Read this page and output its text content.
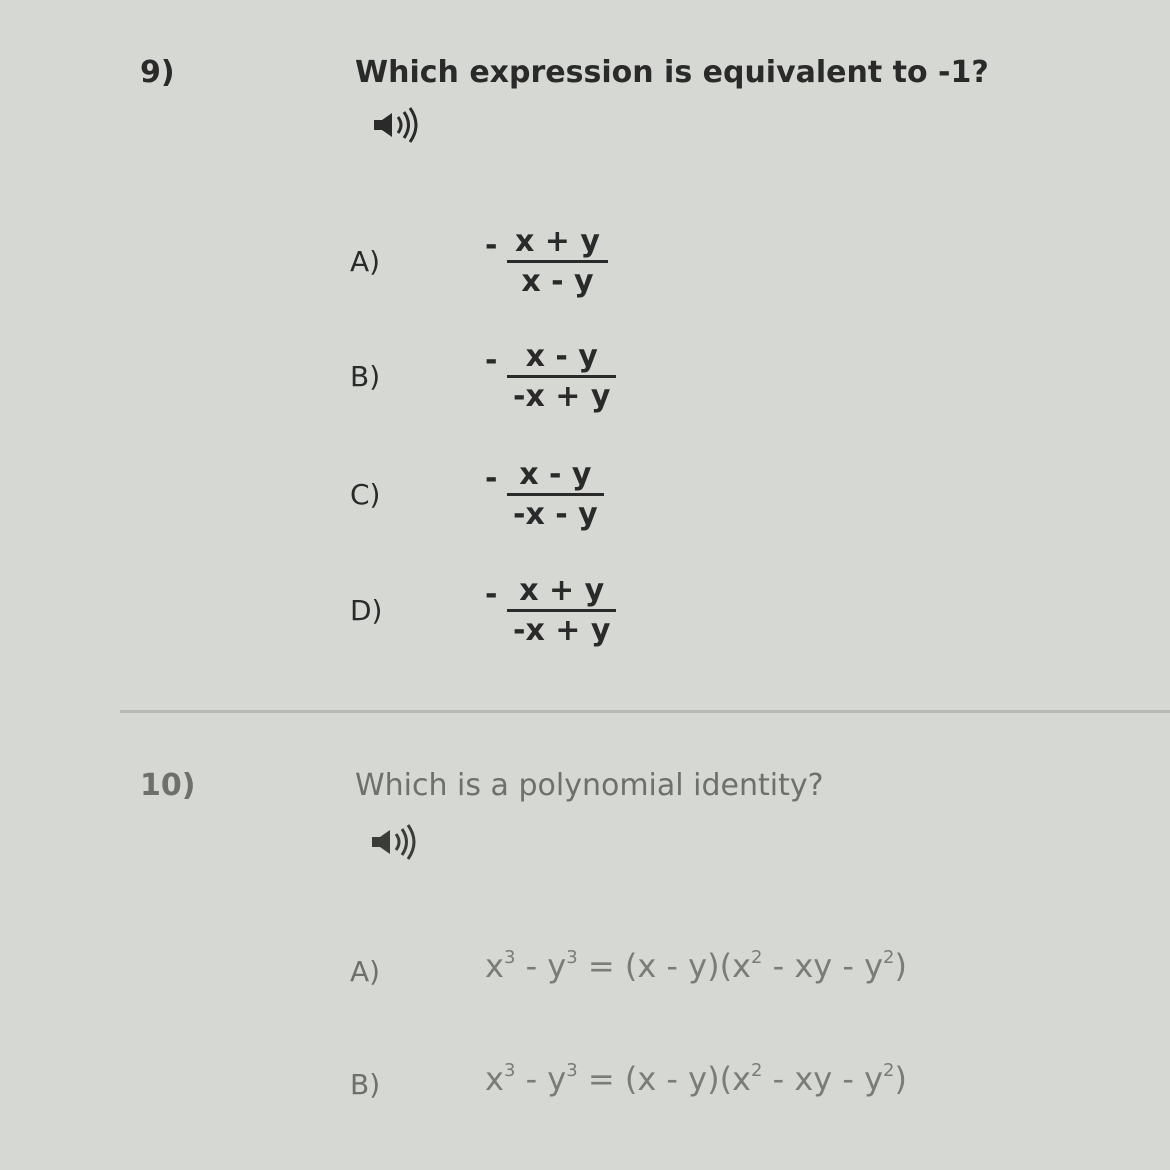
9)	Which expression is equivalent to -1?
A)	- x + y
x - y
B)	- x - y
-x + y
C)	- x - y
-x - y
D)	- x + y
-x + y
10)	Which is a polynomial identity?
A)	$x^3 - y^3 = (x - y)(x^2$ - xy - $y^2$)
B)	$x^3 - y^3 = (x - y)(x^2$ - xy - $y^2$)
